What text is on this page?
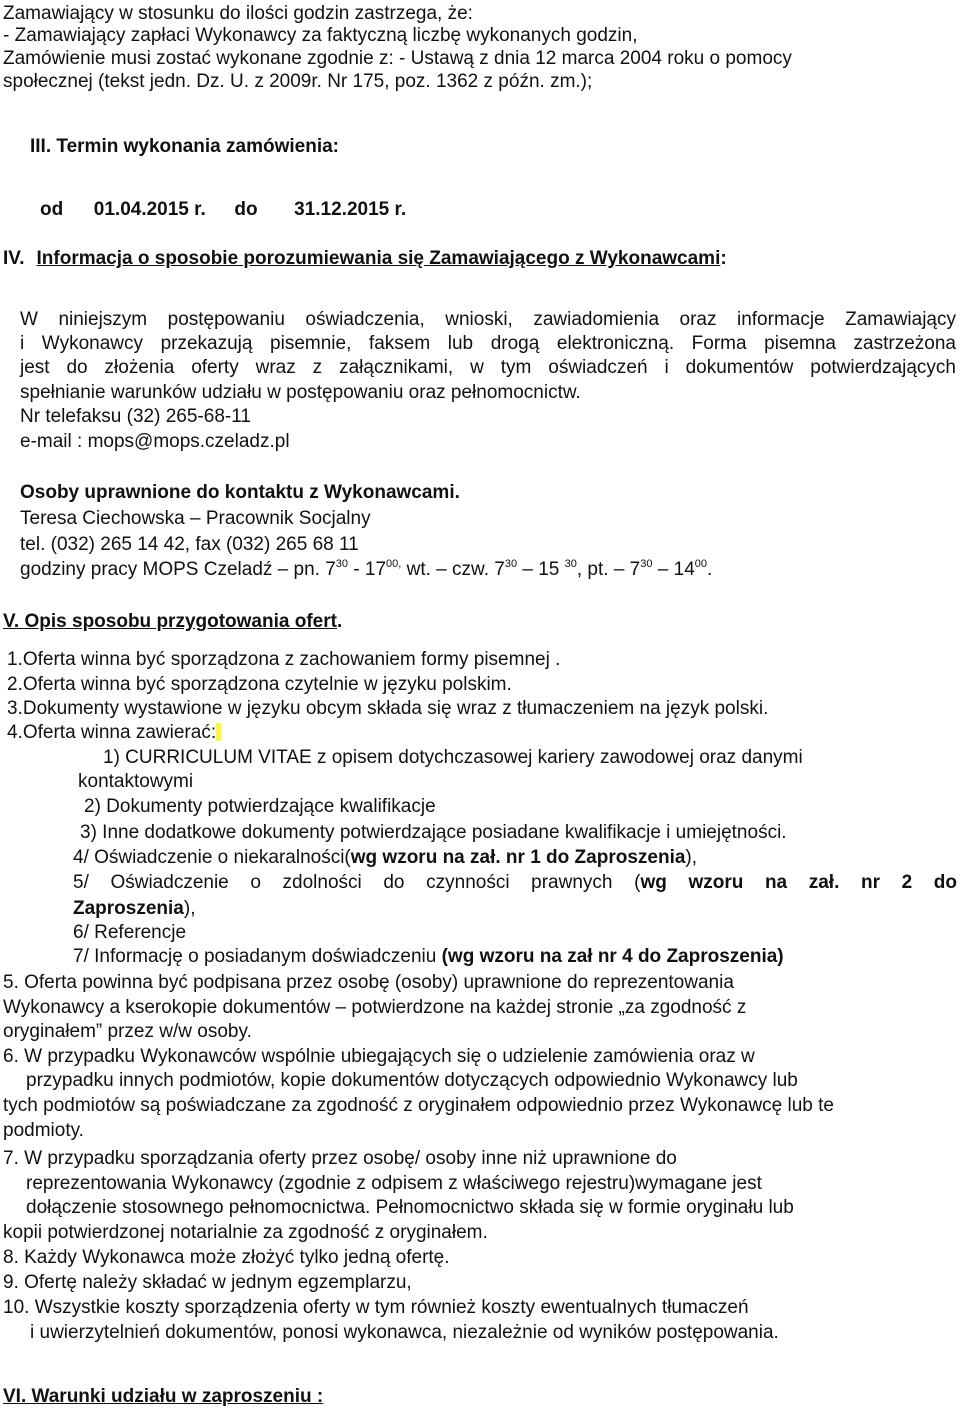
Zamawiający w stosunku do ilości godzin zastrzega, że:
- Zamawiający zapłaci Wykonawcy za faktyczną liczbę wykonanych godzin,
Zamówienie musi zostać wykonane zgodnie z: - Ustawą z dnia 12 marca 2004 roku o pomocy
społecznej (tekst jedn. Dz. U. z 2009r. Nr 175, poz. 1362 z późn. zm.);
III. Termin wykonania zamówienia:
od 01.04.2015 r. do 31.12.2015 r.
IV. Informacja o sposobie porozumiewania się Zamawiającego z Wykonawcami:
W niniejszym postępowaniu oświadczenia, wnioski, zawiadomienia oraz informacje Zamawiający
i Wykonawcy przekazują pisemnie, faksem lub drogą elektroniczną. Forma pisemna zastrzeżona
jest do złożenia oferty wraz z załącznikami, w tym oświadczeń i dokumentów potwierdzających
spełnianie warunków udziału w postępowaniu oraz pełnomocnictw.
Nr telefaksu (32) 265-68-11
e-mail : mops@mops.czeladz.pl
Osoby uprawnione do kontaktu z Wykonawcami.
Teresa Ciechowska – Pracownik Socjalny
tel. (032) 265 14 42, fax (032) 265 68 11
godziny pracy MOPS Czeladź – pn. $7^{30} - 17^{00,}$ wt. – czw. $7^{30} - 15$ $^{30}$, pt. – $7^{30} - 14^{00}$.
V. Opis sposobu przygotowania ofert.
1.Oferta winna być sporządzona z zachowaniem formy pisemnej .
2.Oferta winna być sporządzona czytelnie w języku polskim.
3.Dokumenty wystawione w języku obcym składa się wraz z tłumaczeniem na język polski.
4.Oferta winna zawierać:
1) CURRICULUM VITAE z opisem dotychczasowej kariery zawodowej oraz danymi
kontaktowymi
2) Dokumenty potwierdzające kwalifikacje
3) Inne dodatkowe dokumenty potwierdzające posiadane kwalifikacje i umiejętności.
4/ Oświadczenie o niekaralności(wg wzoru na zał. nr 1 do Zaproszenia),
5/ Oświadczenie o zdolności do czynności prawnych (wg wzoru na zał. nr 2 do
Zaproszenia),
6/ Referencje
7/ Informację o posiadanym doświadczeniu (wg wzoru na zał nr 4 do Zaproszenia)
5. Oferta powinna być podpisana przez osobę (osoby) uprawnione do reprezentowania
Wykonawcy a kserokopie dokumentów – potwierdzone na każdej stronie „za zgodność z
oryginałem” przez w/w osoby.
6. W przypadku Wykonawców wspólnie ubiegających się o udzielenie zamówienia oraz w
przypadku innych podmiotów, kopie dokumentów dotyczących odpowiednio Wykonawcy lub
tych podmiotów są poświadczane za zgodność z oryginałem odpowiednio przez Wykonawcę lub te
podmioty.
7. W przypadku sporządzania oferty przez osobę/ osoby inne niż uprawnione do
reprezentowania Wykonawcy (zgodnie z odpisem z właściwego rejestru)wymagane jest
dołączenie stosownego pełnomocnictwa. Pełnomocnictwo składa się w formie oryginału lub
kopii potwierdzonej notarialnie za zgodność z oryginałem.
8. Każdy Wykonawca może złożyć tylko jedną ofertę.
9. Ofertę należy składać w jednym egzemplarzu,
10. Wszystkie koszty sporządzenia oferty w tym również koszty ewentualnych tłumaczeń
i uwierzytelnień dokumentów, ponosi wykonawca, niezależnie od wyników postępowania.
VI. Warunki udziału w zaproszeniu :
